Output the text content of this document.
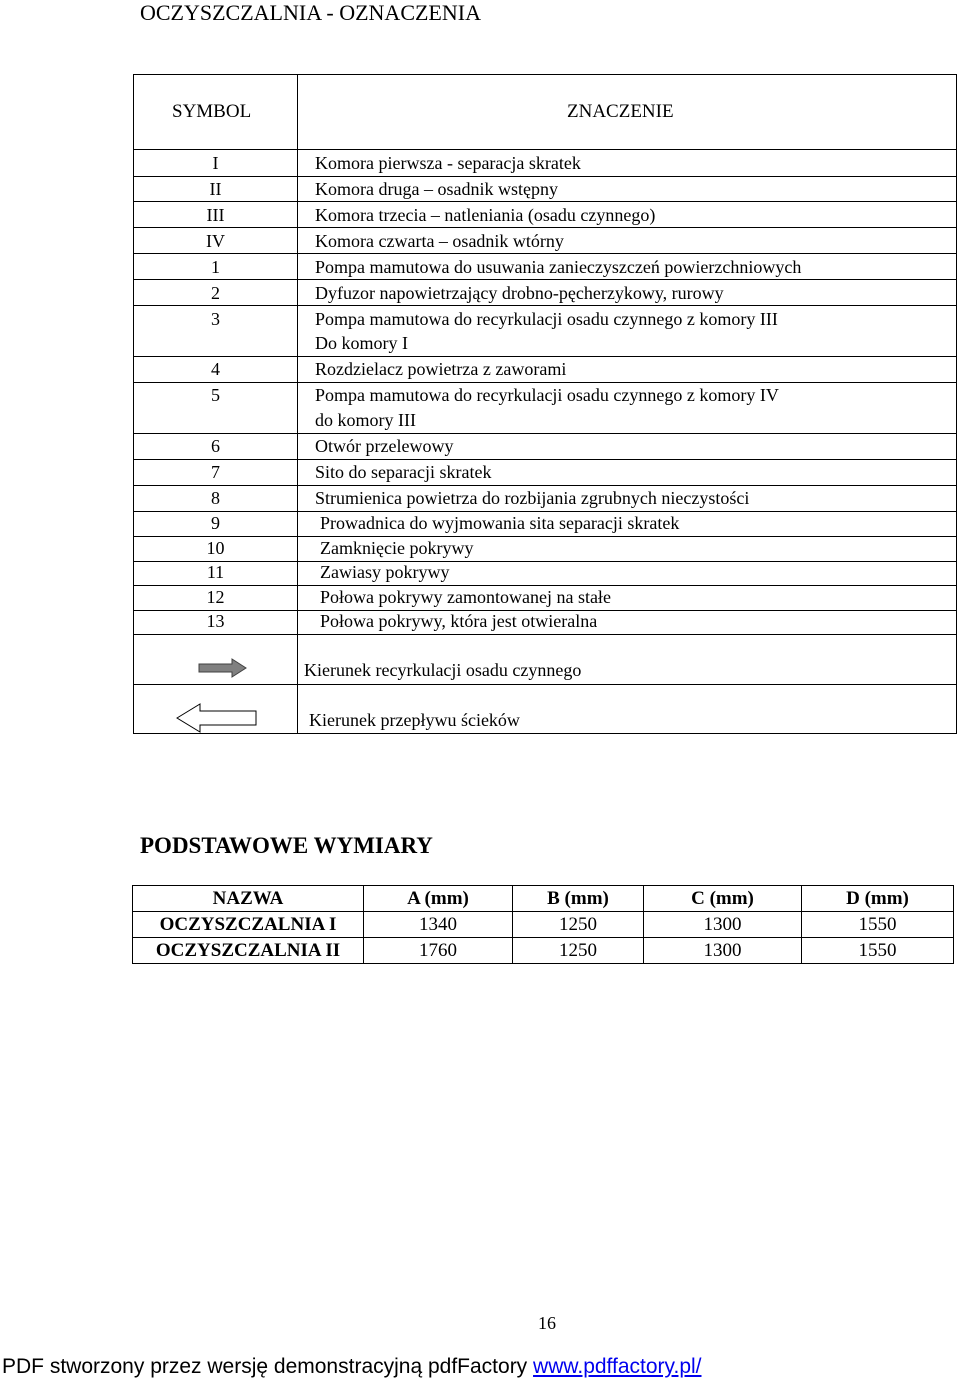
OCZYSZCZALNIA - OZNACZENIA
SYMBOL	ZNACZENIE
I	Komora pierwsza - separacja skratek
II	Komora druga – osadnik wstępny
III	Komora trzecia – natleniania (osadu czynnego)
IV	Komora czwarta – osadnik wtórny
1	Pompa mamutowa do usuwania zanieczyszczeń powierzchniowych
2	Dyfuzor napowietrzający drobno-pęcherzykowy, rurowy
3	Pompa mamutowa do recyrkulacji osadu czynnego z komory III
Do komory I
4	Rozdzielacz powietrza z zaworami
5	Pompa mamutowa do recyrkulacji osadu czynnego z komory IV
do komory III
6	Otwór przelewowy
7	Sito do separacji skratek
8	Strumienica powietrza do rozbijania zgrubnych nieczystości
9	Prowadnica do wyjmowania sita separacji skratek
10	Zamknięcie pokrywy
11	Zawiasy pokrywy
12	Połowa pokrywy zamontowanej na stałe
13	Połowa pokrywy, która jest otwieralna
Kierunek recyrkulacji osadu czynnego
Kierunek przepływu ścieków
PODSTAWOWE WYMIARY
NAZWA	A (mm)	B (mm)	C (mm)	D (mm)
OCZYSZCZALNIA I	1340	1250	1300	1550
OCZYSZCZALNIA II	1760	1250	1300	1550
16
PDF stworzony przez wersję demonstracyjną pdfFactory www.pdffactory.pl/
